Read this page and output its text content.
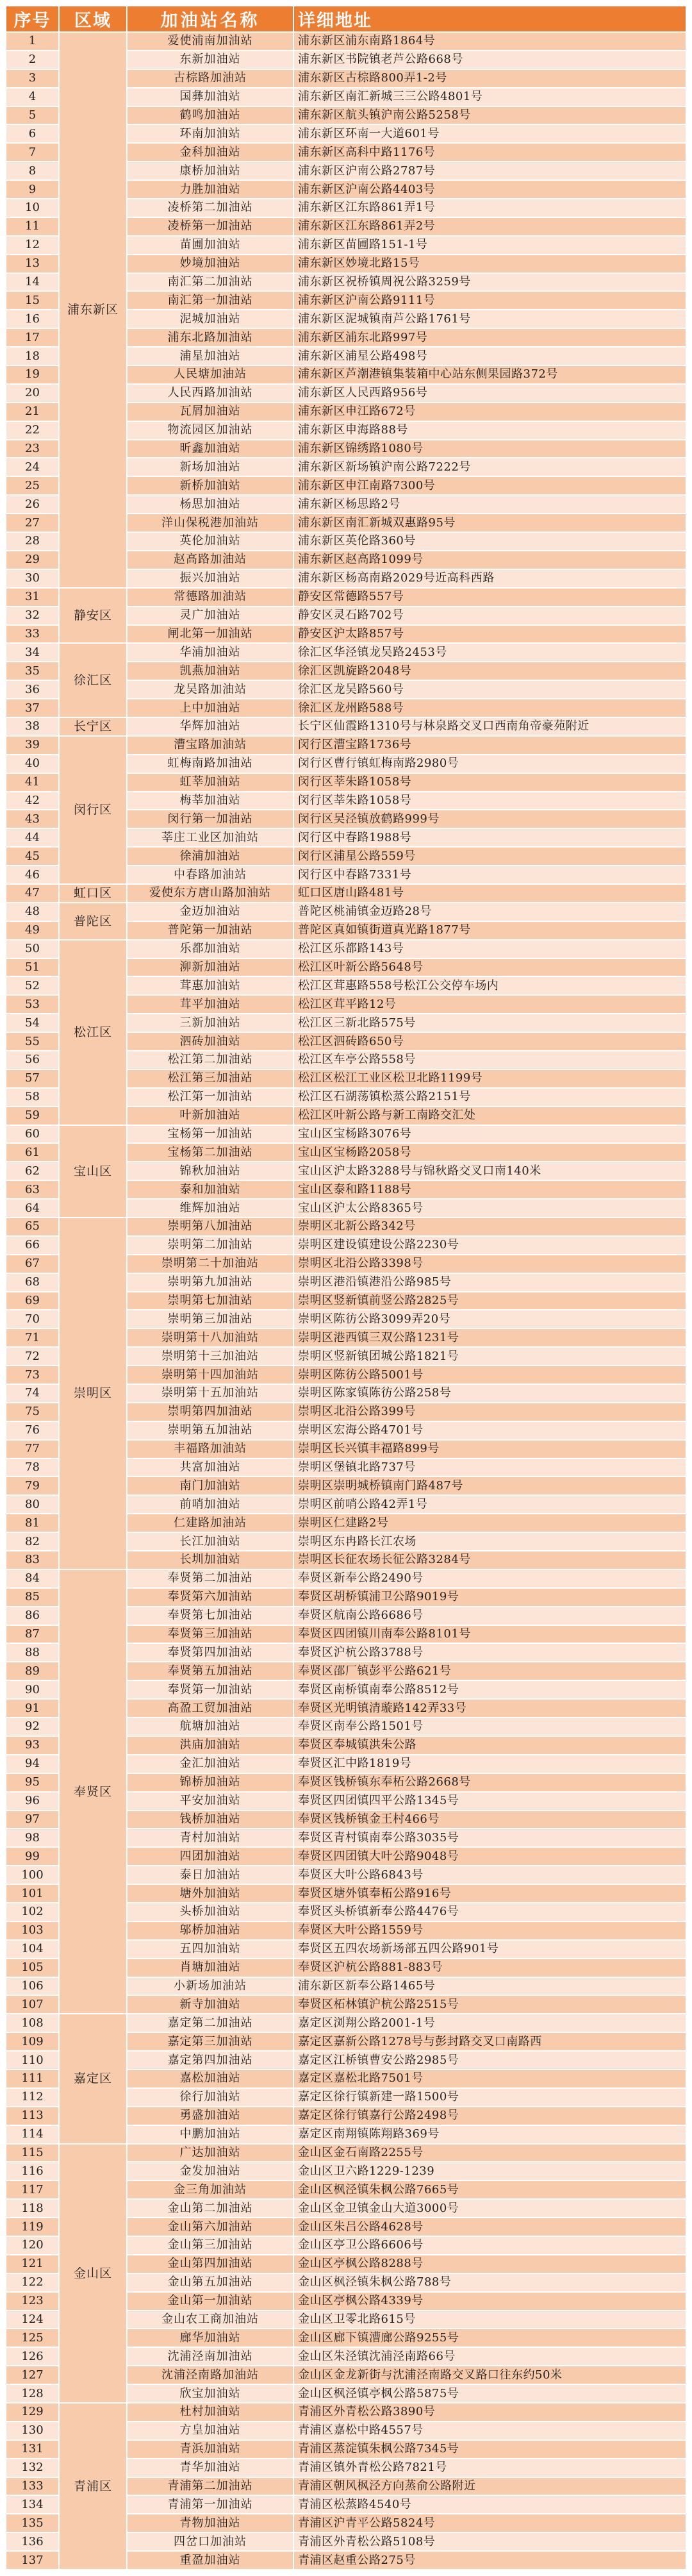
序号	区域	加油站名称	详细地址
1	浦东新区	爱使浦南加油站	浦东新区浦东南路1864号
2		东新加油站	浦东新区书院镇老芦公路668号
3		古棕路加油站	浦东新区古棕路800弄1-2号
4		国彝加油站	浦东新区南汇新城三三公路4801号
5		鹤鸣加油站	浦东新区航头镇沪南公路5258号
6		环南加油站	浦东新区环南一大道601号
7		金科加油站	浦东新区高科中路1176号
8		康桥加油站	浦东新区沪南公路2787号
9		力胜加油站	浦东新区沪南公路4403号
10		凌桥第二加油站	浦东新区江东路861弄1号
11		凌桥第一加油站	浦东新区江东路861弄2号
12		苗圃加油站	浦东新区苗圃路151-1号
13		妙境加油站	浦东新区妙境北路15号
14		南汇第二加油站	浦东新区祝桥镇周祝公路3259号
15		南汇第一加油站	浦东新区沪南公路9111号
16		泥城加油站	浦东新区泥城镇南芦公路1761号
17		浦东北路加油站	浦东新区浦东北路997号
18		浦星加油站	浦东新区浦星公路498号
19		人民塘加油站	浦东新区芦潮港镇集装箱中心站东侧果园路372号
20		人民西路加油站	浦东新区人民西路956号
21		瓦屑加油站	浦东新区申江路672号
22		物流园区加油站	浦东新区申海路88号
23		昕鑫加油站	浦东新区锦绣路1080号
24		新场加油站	浦东新区新场镇沪南公路7222号
25		新桥加油站	浦东新区申江南路7300号
26		杨思加油站	浦东新区杨思路2号
27		洋山保税港加油站	浦东新区南汇新城双惠路95号
28		英伦加油站	浦东新区英伦路360号
29		赵高路加油站	浦东新区赵高路1099号
30		振兴加油站	浦东新区杨高南路2029号近高科西路
31	静安区	常德路加油站	静安区常德路557号
32		灵广加油站	静安区灵石路702号
33		闸北第一加油站	静安区沪太路857号
34	徐汇区	华浦加油站	徐汇区华泾镇龙吴路2453号
35		凯燕加油站	徐汇区凯旋路2048号
36		龙吴路加油站	徐汇区龙吴路560号
37		上中加油站	徐汇区龙州路588号
38	长宁区	华辉加油站	长宁区仙霞路1310号与林泉路交叉口西南角帝豪苑附近
39	闵行区	漕宝路加油站	闵行区漕宝路1736号
40		虹梅南路加油站	闵行区曹行镇虹梅南路2980号
41		虹莘加油站	闵行区莘朱路1058号
42		梅莘加油站	闵行区莘朱路1058号
43		闵行第一加油站	闵行区吴泾镇放鹤路999号
44		莘庄工业区加油站	闵行区中春路1988号
45		徐浦加油站	闵行区浦星公路559号
46		中春路加油站	闵行区中春路7331号
47	虹口区	爱使东方唐山路加油站	虹口区唐山路481号
48	普陀区	金迈加油站	普陀区桃浦镇金迈路28号
49		普陀第一加油站	普陀区真如镇街道真光路1877号
50	松江区	乐都加油站	松江区乐都路143号
51		泖新加油站	松江区叶新公路5648号
52		茸惠加油站	松江区茸惠路558号松江公交停车场内
53		茸平加油站	松江区茸平路12号
54		三新加油站	松江区三新北路575号
55		泗砖加油站	松江区泗砖路650号
56		松江第二加油站	松江区车亭公路558号
57		松江第三加油站	松江区松江工业区松卫北路1199号
58		松江第一加油站	松江区石湖荡镇松蒸公路2151号
59		叶新加油站	松江区叶新公路与新工南路交汇处
60	宝山区	宝杨第一加油站	宝山区宝杨路3076号
61		宝杨第二加油站	宝山区宝杨路2058号
62		锦秋加油站	宝山区沪太路3288号与锦秋路交叉口南140米
63		泰和加油站	宝山区泰和路1188号
64		维辉加油站	宝山区沪太公路8365号
65	崇明区	崇明第八加油站	崇明区北新公路342号
66		崇明第二加油站	崇明区建设镇建设公路2230号
67		崇明第二十加油站	崇明区北沿公路3398号
68		崇明第九加油站	崇明区港沿镇港沿公路985号
69		崇明第七加油站	崇明区竖新镇前竖公路2825号
70		崇明第三加油站	崇明区陈彷公路3099弄20号
71		崇明第十八加油站	崇明区港西镇三双公路1231号
72		崇明第十三加油站	崇明区竖新镇团城公路1821号
73		崇明第十四加油站	崇明区陈彷公路5001号
74		崇明第十五加油站	崇明区陈家镇陈彷公路258号
75		崇明第四加油站	崇明区北沿公路399号
76		崇明第五加油站	崇明区宏海公路4701号
77		丰福路加油站	崇明区长兴镇丰福路899号
78		共富加油站	崇明区堡镇北路737号
79		南门加油站	崇明区崇明城桥镇南门路487号
80		前哨加油站	崇明区前哨公路42弄1号
81		仁建路加油站	崇明区仁建路2号
82		长江加油站	崇明区东冉路长江农场
83		长圳加油站	崇明区长征农场长征公路3284号
84	奉贤区	奉贤第二加油站	奉贤区新奉公路2490号
85		奉贤第六加油站	奉贤区胡桥镇浦卫公路9019号
86		奉贤第七加油站	奉贤区航南公路6686号
87		奉贤第三加油站	奉贤区四团镇川南奉公路8101号
88		奉贤第四加油站	奉贤区沪杭公路3788号
89		奉贤第五加油站	奉贤区邵厂镇彭平公路621号
90		奉贤第一加油站	奉贤区南桥镇南奉公路8512号
91		高盈工贸加油站	奉贤区光明镇清璇路142弄33号
92		航塘加油站	奉贤区南奉公路1501号
93		洪庙加油站	奉贤区奉城镇洪朱公路
94		金汇加油站	奉贤区汇中路1819号
95		锦桥加油站	奉贤区钱桥镇东奉柘公路2668号
96		平安加油站	奉贤区四团镇四平公路1345号
97		钱桥加油站	奉贤区钱桥镇金王村466号
98		青村加油站	奉贤区青村镇南奉公路3035号
99		四团加油站	奉贤区四团镇大叶公路9048号
100		泰日加油站	奉贤区大叶公路6843号
101		塘外加油站	奉贤区塘外镇奉柘公路916号
102		头桥加油站	奉贤区头桥镇新奉公路4476号
103		邬桥加油站	奉贤区大叶公路1559号
104		五四加油站	奉贤区五四农场新场部五四公路901号
105		肖塘加油站	奉贤区沪杭公路881-883号
106		小新场加油站	浦东新区新奉公路1465号
107		新寺加油站	奉贤区柘林镇沪杭公路2515号
108	嘉定区	嘉定第二加油站	嘉定区浏翔公路2001-1号
109		嘉定第三加油站	嘉定区嘉新公路1278号与彭封路交叉口南路西
110		嘉定第四加油站	嘉定区江桥镇曹安公路2985号
111		嘉松加油站	嘉定区嘉松北路7501号
112		徐行加油站	嘉定区徐行镇新建一路1500号
113		勇盛加油站	嘉定区徐行镇嘉行公路2498号
114		中鹏加油站	嘉定区南翔镇陈翔路369号
115	金山区	广达加油站	金山区金石南路2255号
116		金发加油站	金山区卫六路1229-1239
117		金三角加油站	金山区枫泾镇朱枫公路7665号
118		金山第二加油站	金山区金卫镇金山大道3000号
119		金山第六加油站	金山区朱吕公路4628号
120		金山第三加油站	金山区亭卫公路6606号
121		金山第四加油站	金山区亭枫公路8288号
122		金山第五加油站	金山区枫泾镇朱枫公路788号
123		金山第一加油站	金山区亭枫公路4339号
124		金山农工商加油站	金山区卫零北路615号
125		廊华加油站	金山区廊下镇漕廊公路9255号
126		沈浦泾南加油站	金山区朱泾镇沈浦泾南路66号
127		沈浦泾南路加油站	金山区金龙新街与沈浦泾南路交叉路口往东约50米
128		欣宝加油站	金山区枫泾镇亭枫公路5875号
129	青浦区	杜村加油站	青浦区外青松公路3890号
130		方皇加油站	青浦区嘉松中路4557号
131		青浜加油站	青浦区蒸淀镇朱枫公路7345号
132		青华加油站	青浦区镇外青松公路7821号
133		青浦第二加油站	青浦区朝风枫泾方向蒸俞公路附近
134		青浦第一加油站	青浦区松蒸路4540号
135		青物加油站	青浦区沪青平公路5824号
136		四岔口加油站	青浦区外青松公路5108号
137		重盈加油站	青浦区赵重公路275号
